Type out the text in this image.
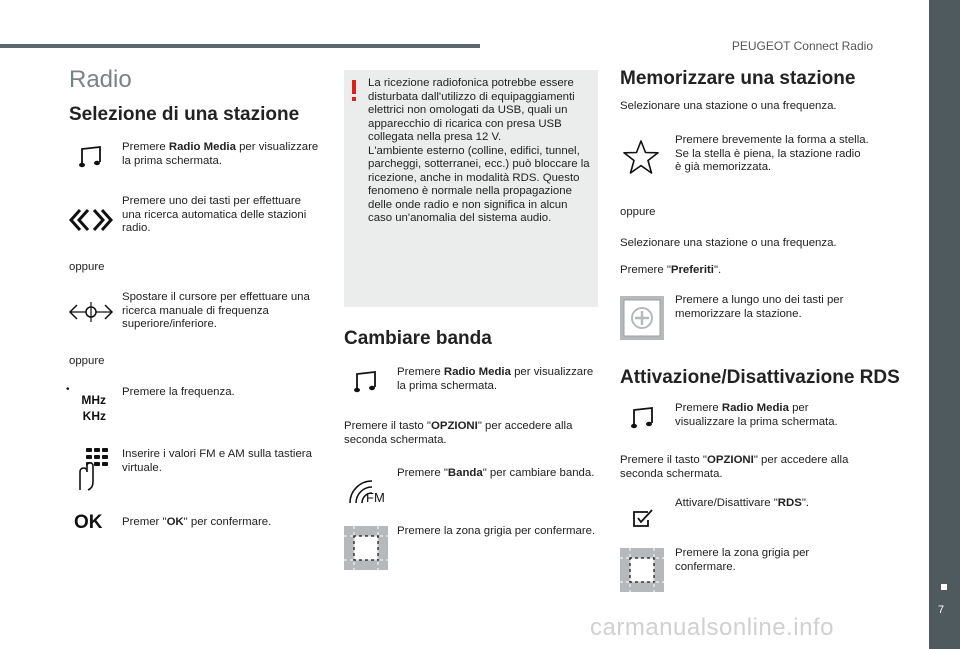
PEUGEOT Connect Radio
7
Radio
Selezione di una stazione
Premere Radio Media per visualizzare la prima schermata.
Premere uno dei tasti per effettuare una ricerca automatica delle stazioni radio.
oppure
Spostare il cursore per effettuare una ricerca manuale di frequenza superiore/inferiore.
oppure
•
MHz
KHz
Premere la frequenza.
Inserire i valori FM e AM sulla tastiera virtuale.
OK Premer "OK" per confermare.
La ricezione radiofonica potrebbe essere disturbata dall'utilizzo di equipaggiamenti elettrici non omologati da USB, quali un apparecchio di ricarica con presa USB collegata nella presa 12 V.
L'ambiente esterno (colline, edifici, tunnel, parcheggi, sotterranei, ecc.) può bloccare la ricezione, anche in modalità RDS. Questo fenomeno è normale nella propagazione delle onde radio e non significa in alcun caso un'anomalia del sistema audio.
Cambiare banda
Premere Radio Media per visualizzare la prima schermata.
Premere il tasto "OPZIONI" per accedere alla seconda schermata.
FM
Premere "Banda" per cambiare banda.
Premere la zona grigia per confermare.
Memorizzare una stazione
Selezionare una stazione o una frequenza.
Premere brevemente la forma a stella. Se la stella è piena, la stazione radio è già memorizzata.
oppure
Selezionare una stazione o una frequenza.
Premere "Preferiti".
Premere a lungo uno dei tasti per memorizzare la stazione.
Attivazione/Disattivazione RDS
Premere Radio Media per visualizzare la prima schermata.
Premere il tasto "OPZIONI" per accedere alla seconda schermata.
Attivare/Disattivare "RDS".
Premere la zona grigia per confermare.
carmanualsonline.info
